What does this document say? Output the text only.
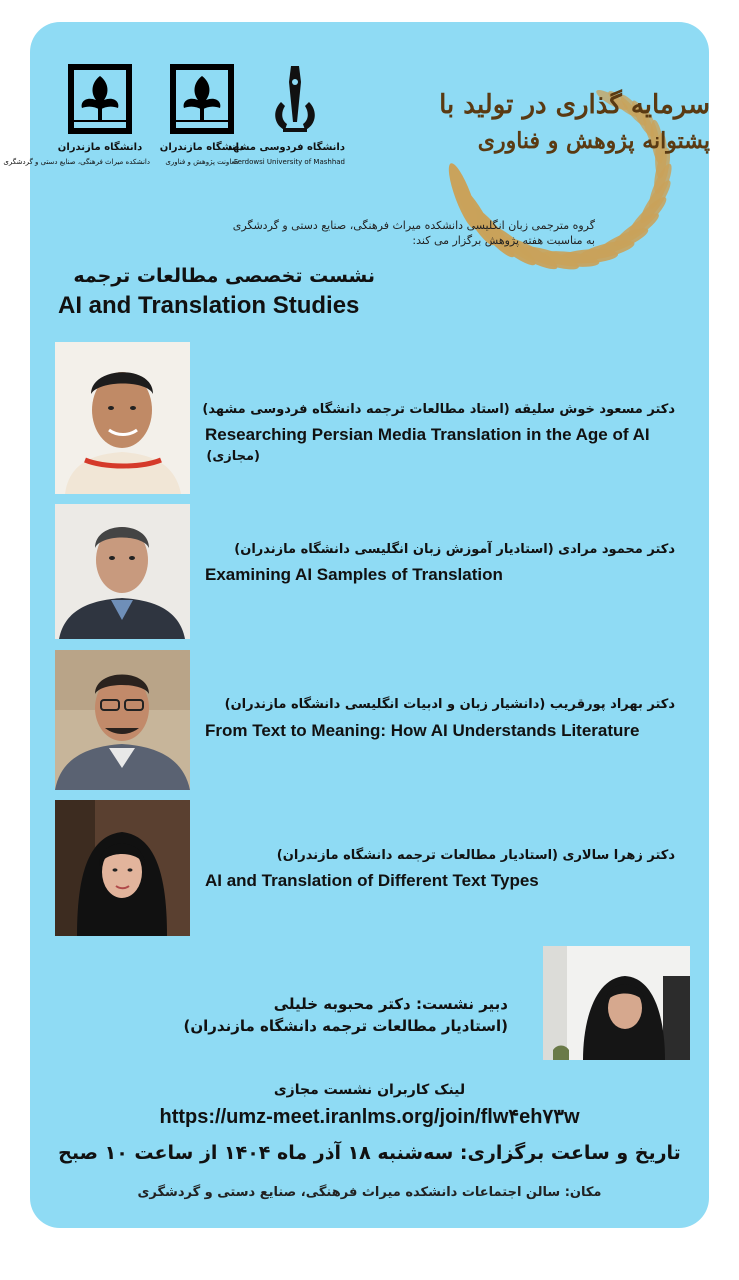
دانشگاه مازندران
دانشکده میراث فرهنگی، صنایع دستی و گردشگری
دانشگاه مازندران
معاونت پژوهش و فناوری
دانشگاه فردوسی مشهد
Ferdowsi University of Mashhad
سرمایه گذاری در تولید با
پشتوانه پژوهش و فناوری
گروه مترجمی زبان انگلیسی دانشکده میراث فرهنگی، صنایع دستی و گردشگری
به مناسبت هفته پژوهش برگزار می کند:
نشست تخصصی مطالعات ترجمه
AI and Translation Studies
دکتر مسعود خوش سلیقه (استاد مطالعات ترجمه دانشگاه فردوسی مشهد)
Researching Persian Media Translation in the Age of AI
(مجازی)
دکتر محمود مرادی (استادیار آموزش زبان انگلیسی دانشگاه مازندران)
Examining AI Samples of Translation
دکتر بهراد پورقریب (دانشیار زبان و ادبیات انگلیسی دانشگاه مازندران)
From Text to Meaning: How AI Understands Literature
دکتر زهرا سالاری (استادیار مطالعات ترجمه دانشگاه مازندران)
AI and Translation of Different Text Types
دبیر نشست: دکتر محبوبه خلیلی
(استادیار مطالعات ترجمه دانشگاه مازندران)
لینک کاربران نشست مجازی
https://umz-meet.iranlms.org/join/flw۴eh۷۳w
تاریخ و ساعت برگزاری: سه‌شنبه ۱۸ آذر ماه ۱۴۰۴ از ساعت ۱۰ صبح
مکان: سالن اجتماعات دانشکده میراث فرهنگی، صنایع دستی و گردشگری
